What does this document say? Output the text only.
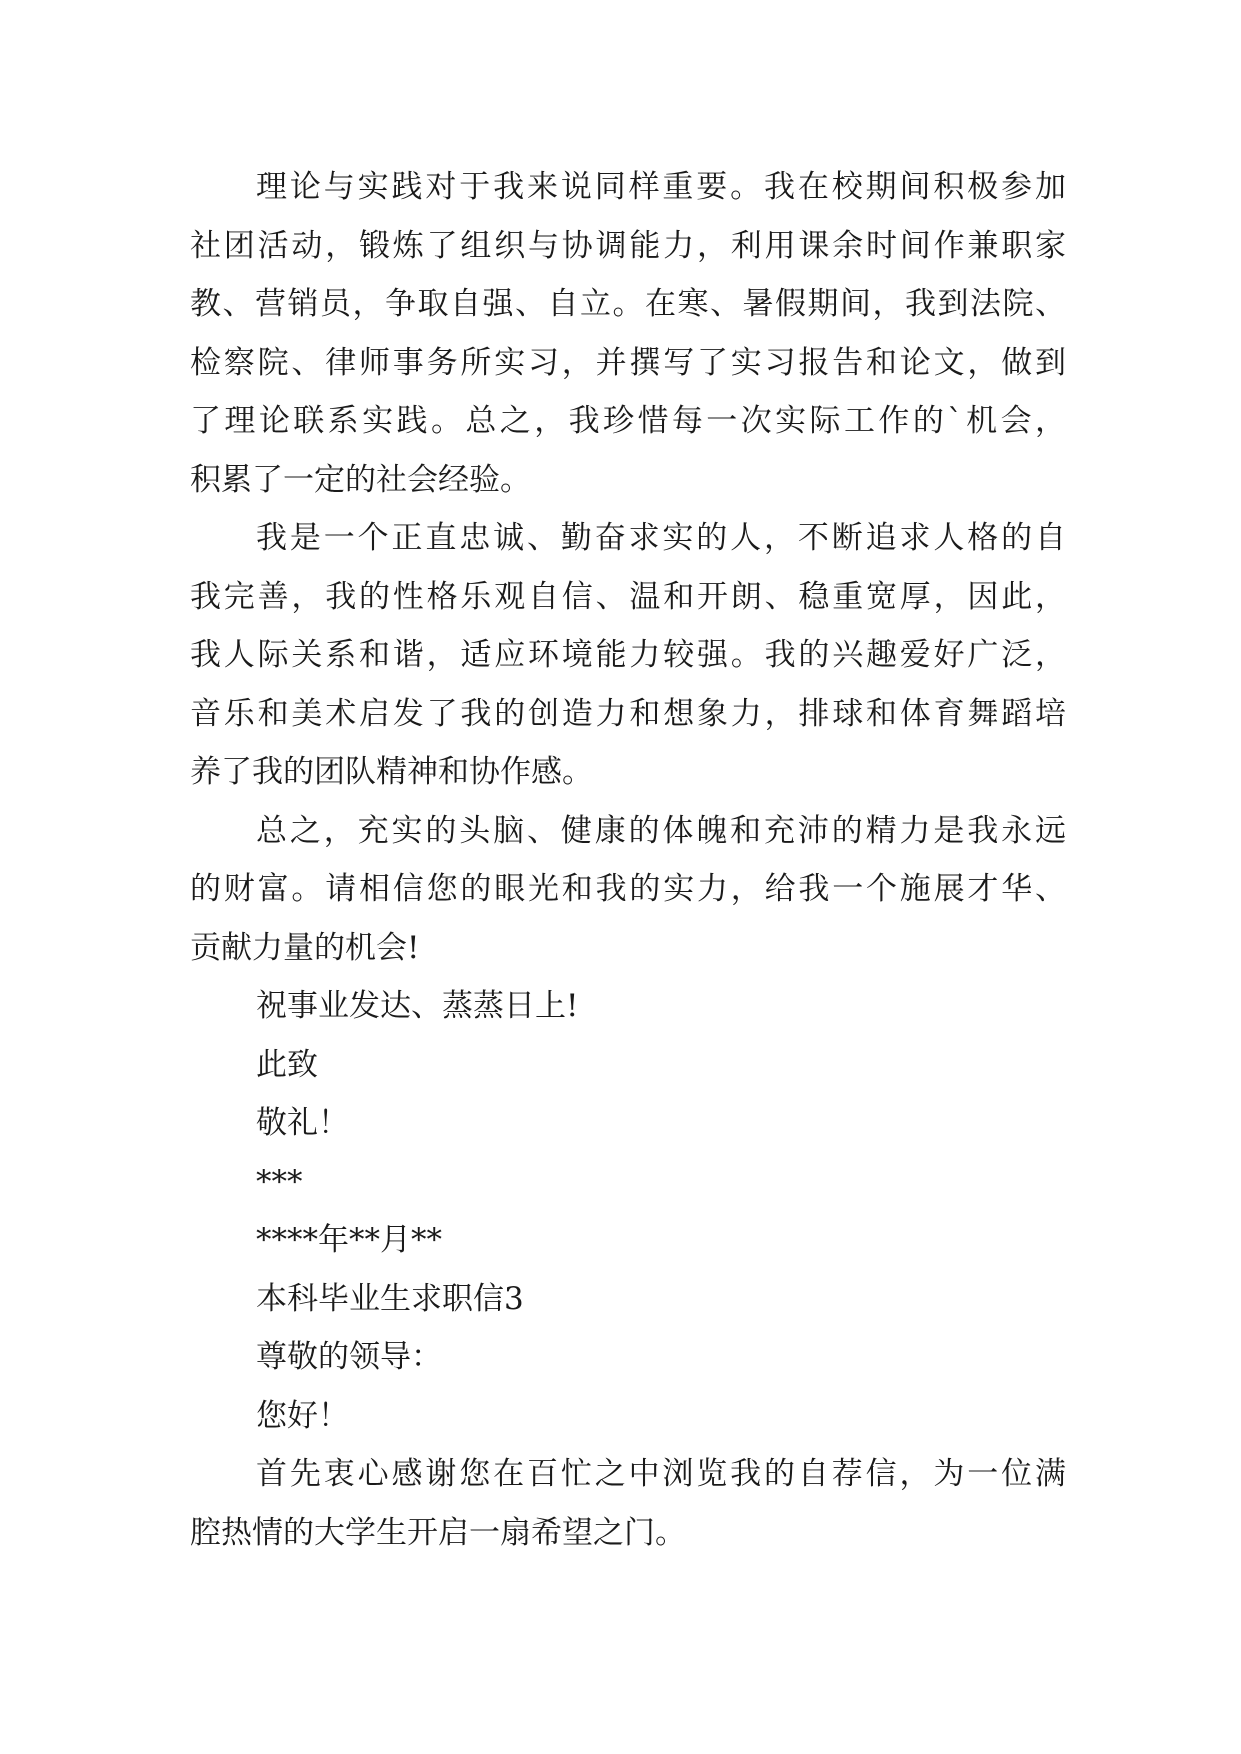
理论与实践对于我来说同样重要。我在校期间积极参加
社团活动，锻炼了组织与协调能力，利用课余时间作兼职家
教、营销员，争取自强、自立。在寒、暑假期间，我到法院、
检察院、律师事务所实习，并撰写了实习报告和论文，做到
了理论联系实践。总之，我珍惜每一次实际工作的`机会，
积累了一定的社会经验。
我是一个正直忠诚、勤奋求实的人，不断追求人格的自
我完善，我的性格乐观自信、温和开朗、稳重宽厚，因此，
我人际关系和谐，适应环境能力较强。我的兴趣爱好广泛，
音乐和美术启发了我的创造力和想象力，排球和体育舞蹈培
养了我的团队精神和协作感。
总之，充实的头脑、健康的体魄和充沛的精力是我永远
的财富。请相信您的眼光和我的实力，给我一个施展才华、
贡献力量的机会!
祝事业发达、蒸蒸日上!
此致
敬礼！
***
****年**月**
本科毕业生求职信3
尊敬的领导：
您好！
首先衷心感谢您在百忙之中浏览我的自荐信，为一位满
腔热情的大学生开启一扇希望之门。
